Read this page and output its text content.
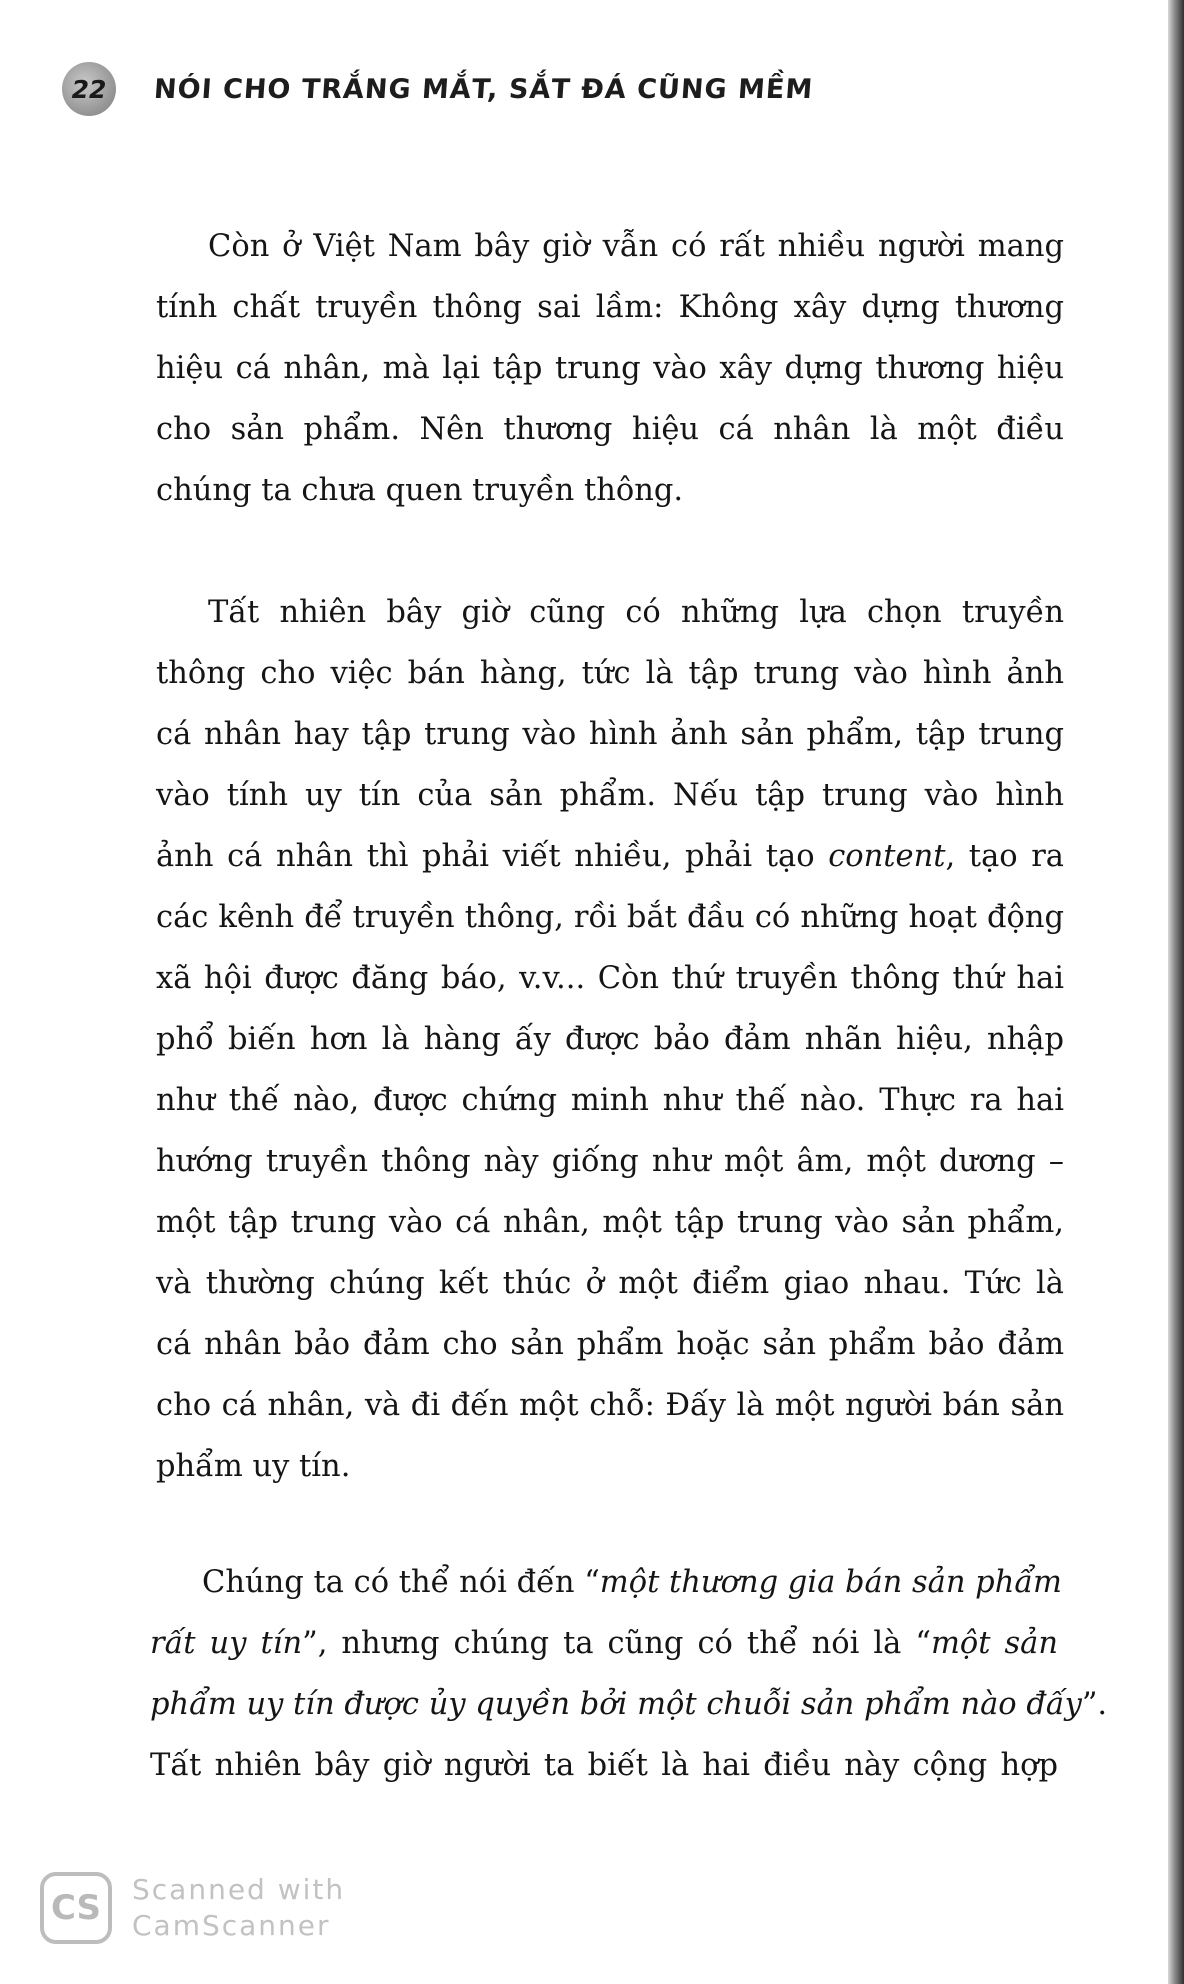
22	NÓI CHO TRẮNG MẮT, SẮT ĐÁ CŨNG MỀM
Còn ở Việt Nam bây giờ vẫn có rất nhiều người mang
tính chất truyền thông sai lầm: Không xây dựng thương
hiệu cá nhân, mà lại tập trung vào xây dựng thương hiệu
cho sản phẩm. Nên thương hiệu cá nhân là một điều
chúng ta chưa quen truyền thông.
Tất nhiên bây giờ cũng có những lựa chọn truyền
thông cho việc bán hàng, tức là tập trung vào hình ảnh
cá nhân hay tập trung vào hình ảnh sản phẩm, tập trung
vào tính uy tín của sản phẩm. Nếu tập trung vào hình
ảnh cá nhân thì phải viết nhiều, phải tạo content, tạo ra
các kênh để truyền thông, rồi bắt đầu có những hoạt động
xã hội được đăng báo, v.v... Còn thứ truyền thông thứ hai
phổ biến hơn là hàng ấy được bảo đảm nhãn hiệu, nhập
như thế nào, được chứng minh như thế nào. Thực ra hai
hướng truyền thông này giống như một âm, một dương –
một tập trung vào cá nhân, một tập trung vào sản phẩm,
và thường chúng kết thúc ở một điểm giao nhau. Tức là
cá nhân bảo đảm cho sản phẩm hoặc sản phẩm bảo đảm
cho cá nhân, và đi đến một chỗ: Đấy là một người bán sản
phẩm uy tín.
Chúng ta có thể nói đến “một thương gia bán sản phẩm
rất uy tín”, nhưng chúng ta cũng có thể nói là “một sản
phẩm uy tín được ủy quyền bởi một chuỗi sản phẩm nào đấy”.
Tất nhiên bây giờ người ta biết là hai điều này cộng hợp
CS	Scanned with
CamScanner
